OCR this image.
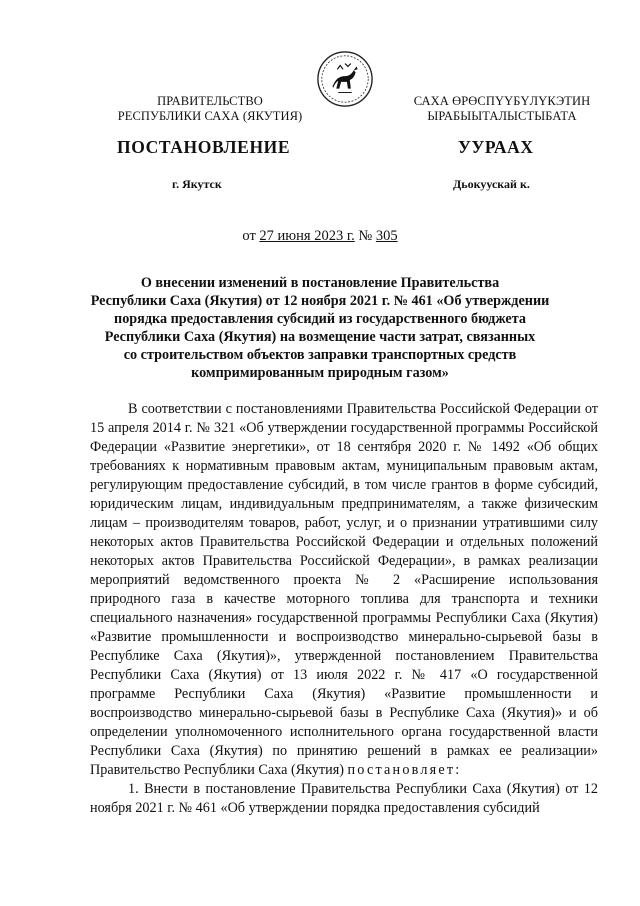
ПРАВИТЕЛЬСТВО
РЕСПУБЛИКИ САХА (ЯКУТИЯ)
САХА ӨРӨСПҮҮБҮЛҮКЭТИН
ЫРАБЫЫТАЛЫСТЫБАТА
ПОСТАНОВЛЕНИЕ	УУРААХ
г. Якутск	Дьокуускай к.
от 27 июня 2023 г. № 305
О внесении изменений в постановление Правительства
Республики Саха (Якутия) от 12 ноября 2021 г. № 461 «Об утверждении
порядка предоставления субсидий из государственного бюджета
Республики Саха (Якутия) на возмещение части затрат, связанных
со строительством объектов заправки транспортных средств
компримированным природным газом»

В соответствии с постановлениями Правительства Российской Федерации от 15 апреля 2014 г. № 321 «Об утверждении государственной программы Российской Федерации «Развитие энергетики», от 18 сентября 2020 г. № 1492 «Об общих требованиях к нормативным правовым актам, муниципальным правовым актам, регулирующим предоставление субсидий, в том числе грантов в форме субсидий, юридическим лицам, индивидуальным предпринимателям, а также физическим лицам – производителям товаров, работ, услуг, и о признании утратившими силу некоторых актов Правительства Российской Федерации и отдельных положений некоторых актов Правительства Российской Федерации», в рамках реализации мероприятий ведомственного проекта № 2 «Расширение использования природного газа в качестве моторного топлива для транспорта и техники специального назначения» государственной программы Республики Саха (Якутия) «Развитие промышленности и воспроизводство минерально-сырьевой базы в Республике Саха (Якутия)», утвержденной постановлением Правительства Республики Саха (Якутия) от 13 июля 2022 г. № 417 «О государственной программе Республики Саха (Якутия) «Развитие промышленности и воспроизводство минерально-сырьевой базы в Республике Саха (Якутия)» и об определении уполномоченного исполнительного органа государственной власти Республики Саха (Якутия) по принятию решений в рамках ее реализации» Правительство Республики Саха (Якутия) постановляет:

1. Внести в постановление Правительства Республики Саха (Якутия) от 12 ноября 2021 г. № 461 «Об утверждении порядка предоставления субсидий
